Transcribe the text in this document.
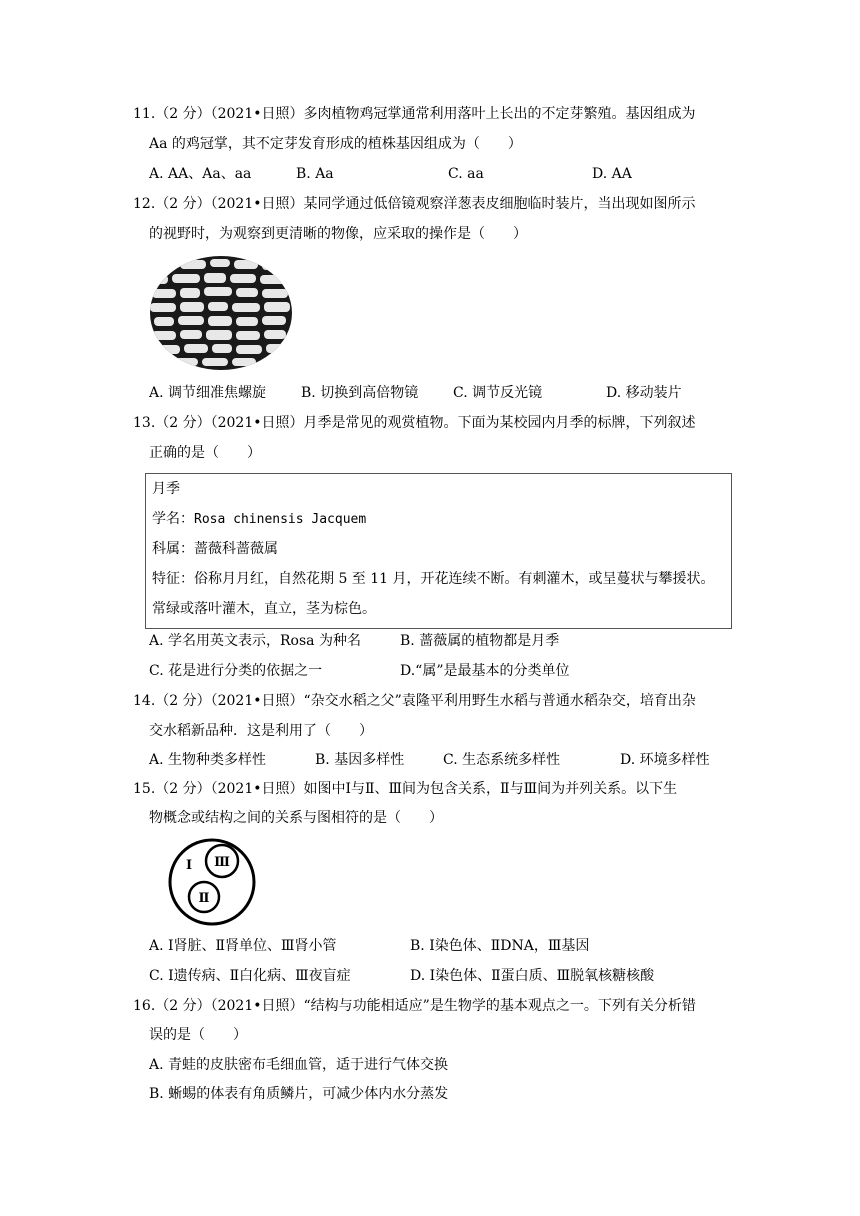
11.（2 分）（2021•日照）多肉植物鸡冠掌通常利用落叶上长出的不定芽繁殖。基因组成为
Aa 的鸡冠掌，其不定芽发育形成的植株基因组成为（　　）
A. AA、Aa、aa	B. Aa	C. aa	D. AA
12.（2 分）（2021•日照）某同学通过低倍镜观察洋葱表皮细胞临时装片，当出现如图所示
的视野时，为观察到更清晰的物像，应采取的操作是（　　）
A. 调节细准焦螺旋 B. 切换到高倍物镜 C. 调节反光镜	D. 移动装片
13.（2 分）（2021•日照）月季是常见的观赏植物。下面为某校园内月季的标牌，下列叙述
正确的是（　　）
月季
学名：Rosa chinensis Jacquem
科属：蔷薇科蔷薇属
特征：俗称月月红，自然花期 5 至 11 月，开花连续不断。有刺灌木，或呈蔓状与攀援状。
常绿或落叶灌木，直立，茎为棕色。
A. 学名用英文表示，Rosa 为种名	B. 蔷薇属的植物都是月季
C. 花是进行分类的依据之一	D.“属”是最基本的分类单位
14.（2 分）（2021•日照）“杂交水稻之父”袁隆平利用野生水稻与普通水稻杂交，培育出杂
交水稻新品种．这是利用了（　　）
A. 生物种类多样性	B. 基因多样性	C. 生态系统多样性	D. 环境多样性
15.（2 分）（2021•日照）如图中Ⅰ与Ⅱ、Ⅲ间为包含关系，Ⅱ与Ⅲ间为并列关系。以下生
物概念或结构之间的关系与图相符的是（　　）
Ⅰ Ⅲ
Ⅱ
A. Ⅰ肾脏、Ⅱ肾单位、Ⅲ肾小管	B. Ⅰ染色体、ⅡDNA，Ⅲ基因
C. Ⅰ遗传病、Ⅱ白化病、Ⅲ夜盲症	D. Ⅰ染色体、Ⅱ蛋白质、Ⅲ脱氧核糖核酸
16.（2 分）（2021•日照）“结构与功能相适应”是生物学的基本观点之一。下列有关分析错
误的是（　　）
A. 青蛙的皮肤密布毛细血管，适于进行气体交换
B. 蜥蜴的体表有角质鳞片，可减少体内水分蒸发
